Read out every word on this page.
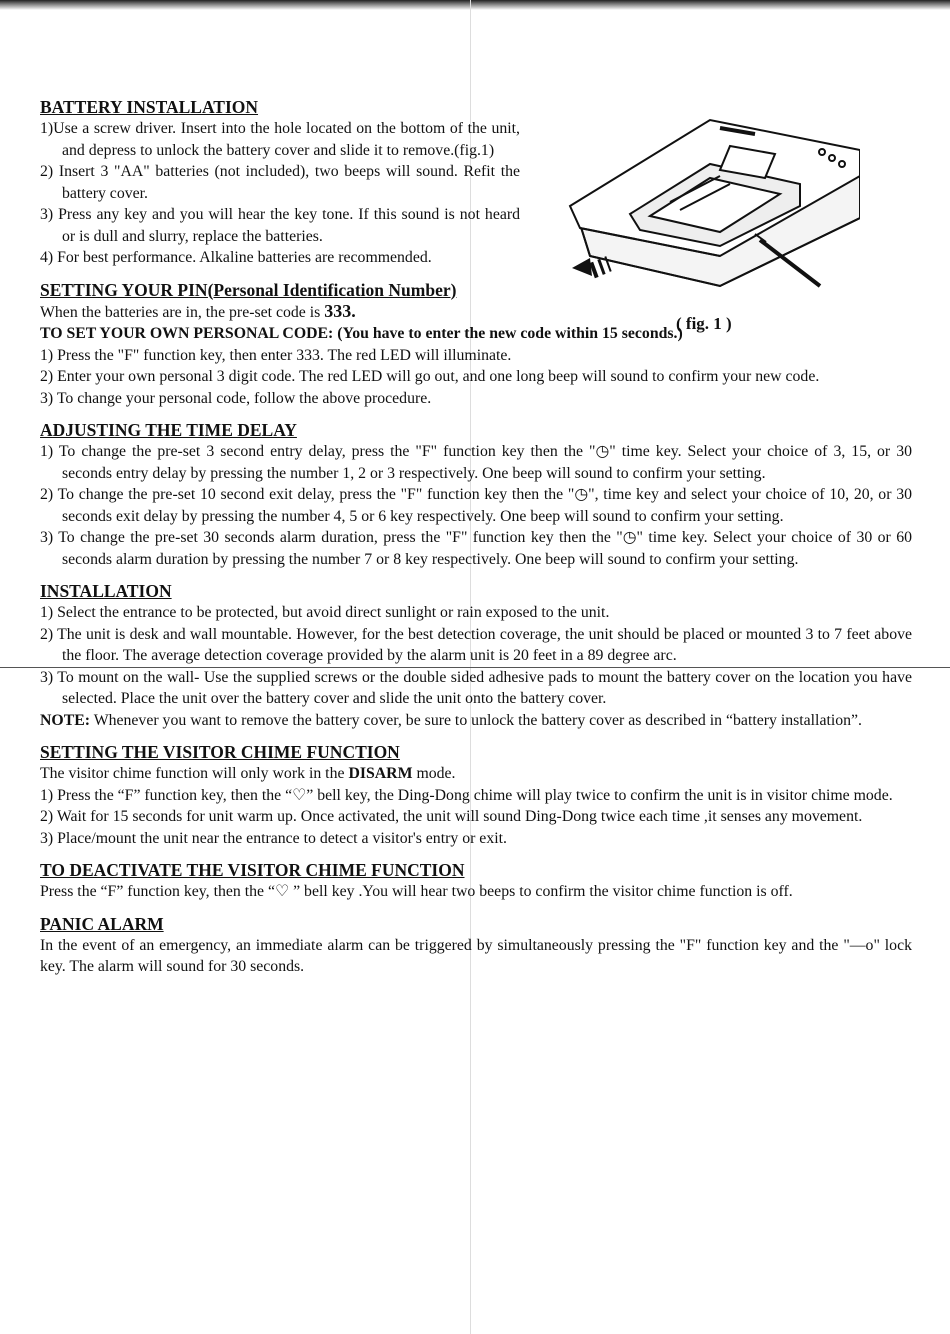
( fig. 1 )
BATTERY INSTALLATION
1)Use a screw driver. Insert into the hole located on the bottom of the unit, and depress to unlock the battery cover and slide it to remove.(fig.1)
2) Insert 3 "AA" batteries (not included), two beeps will sound. Refit the battery cover.
3) Press any key and you will hear the key tone. If this sound is not heard or is dull and slurry, replace the batteries.
4) For best performance. Alkaline batteries are recommended.
SETTING YOUR PIN(Personal Identification Number)

When the batteries are in, the pre-set code is 333.

TO SET YOUR OWN PERSONAL CODE: (You have to enter the new code within 15 seconds.)

1) Press the "F" function key, then enter 333. The red LED will illuminate.
2) Enter your own personal 3 digit code. The red LED will go out, and one long beep will sound to confirm your new code.
3) To change your personal code, follow the above procedure.
ADJUSTING THE TIME DELAY
1) To change the pre-set 3 second entry delay, press the "F" function key then the "◷" time key. Select your choice of 3, 15, or 30 seconds entry delay by pressing the number 1, 2 or 3 respectively. One beep will sound to confirm your setting.
2) To change the pre-set 10 second exit delay, press the "F" function key then the "◷", time key and select your choice of 10, 20, or 30 seconds exit delay by pressing the number 4, 5 or 6 key respectively. One beep will sound to confirm your setting.
3) To change the pre-set 30 seconds alarm duration, press the "F" function key then the "◷" time key. Select your choice of 30 or 60 seconds alarm duration by pressing the number 7 or 8 key respectively. One beep will sound to confirm your setting.
INSTALLATION
1) Select the entrance to be protected, but avoid direct sunlight or rain exposed to the unit.
2) The unit is desk and wall mountable. However, for the best detection coverage, the unit should be placed or mounted 3 to 7 feet above the floor. The average detection coverage provided by the alarm unit is 20 feet in a 89 degree arc.
3) To mount on the wall- Use the supplied screws or the double sided adhesive pads to mount the battery cover on the location you have selected. Place the unit over the battery cover and slide the unit onto the battery cover.

NOTE: Whenever you want to remove the battery cover, be sure to unlock the battery cover as described in “battery installation”.

SETTING THE VISITOR CHIME FUNCTION

The visitor chime function will only work in the DISARM mode.

1) Press the “F” function key, then the “♡” bell key, the Ding-Dong chime will play twice to confirm the unit is in visitor chime mode.
2) Wait for 15 seconds for unit warm up. Once activated, the unit will sound Ding-Dong twice each time ,it senses any movement.
3) Place/mount the unit near the entrance to detect a visitor's entry or exit.
TO DEACTIVATE THE VISITOR CHIME FUNCTION

Press the “F” function key, then the “♡ ” bell key .You will hear two beeps to confirm the visitor chime function is off.

PANIC ALARM

In the event of an emergency, an immediate alarm can be triggered by simultaneously pressing the "F" function key and the "—o" lock key. The alarm will sound for 30 seconds.
